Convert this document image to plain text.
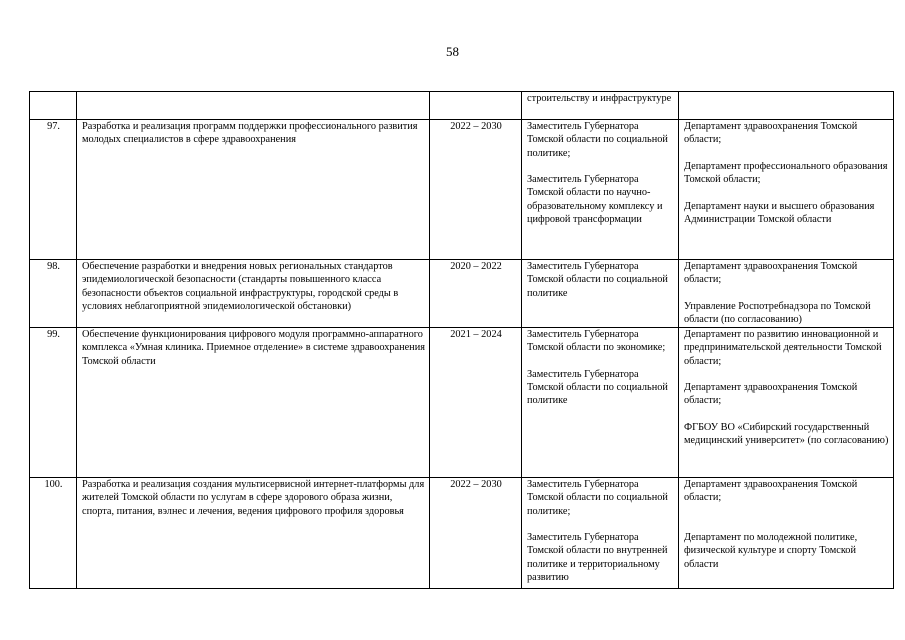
58

			строительству и инфраструктуре	

97.	Разработка и реализация программ поддержки профессионального развития молодых специалистов в сфере здравоохранения	2022 – 2030	Заместитель Губернатора Томской области по социальной политике;
Заместитель Губернатора Томской области по научно-образовательному комплексу и цифровой трансформации	Департамент здравоохранения Томской области;
Департамент профессионального образования Томской области;
Департамент науки и высшего образования Администрации Томской области

98.	Обеспечение разработки и внедрения новых региональных стандартов эпидемиологической безопасности (стандарты повышенного класса безопасности объектов социальной инфраструктуры, городской среды в условиях неблагоприятной эпидемиологической обстановки)	2020 – 2022	Заместитель Губернатора Томской области по социальной политике	Департамент здравоохранения Томской области;
Управление Роспотребнадзора по Томской области (по согласованию)

99.	Обеспечение функционирования цифрового модуля программно-аппаратного комплекса «Умная клиника. Приемное отделение» в системе здравоохранения Томской области	2021 – 2024	Заместитель Губернатора Томской области по экономике;
Заместитель Губернатора Томской области по социальной политике	Департамент по развитию инновационной и предпринимательской деятельности Томской области;
Департамент здравоохранения Томской области;
ФГБОУ ВО «Сибирский государственный медицинский университет» (по согласованию)

100.	Разработка и реализация создания мультисервисной интернет-платформы для жителей Томской области по услугам в сфере здорового образа жизни, спорта, питания, вэлнес и лечения, ведения цифрового профиля здоровья	2022 – 2030	Заместитель Губернатора Томской области по социальной политике;
Заместитель Губернатора Томской области по внутренней политике и территориальному развитию	Департамент здравоохранения Томской области;
Департамент по молодежной политике, физической культуре и спорту Томской области
